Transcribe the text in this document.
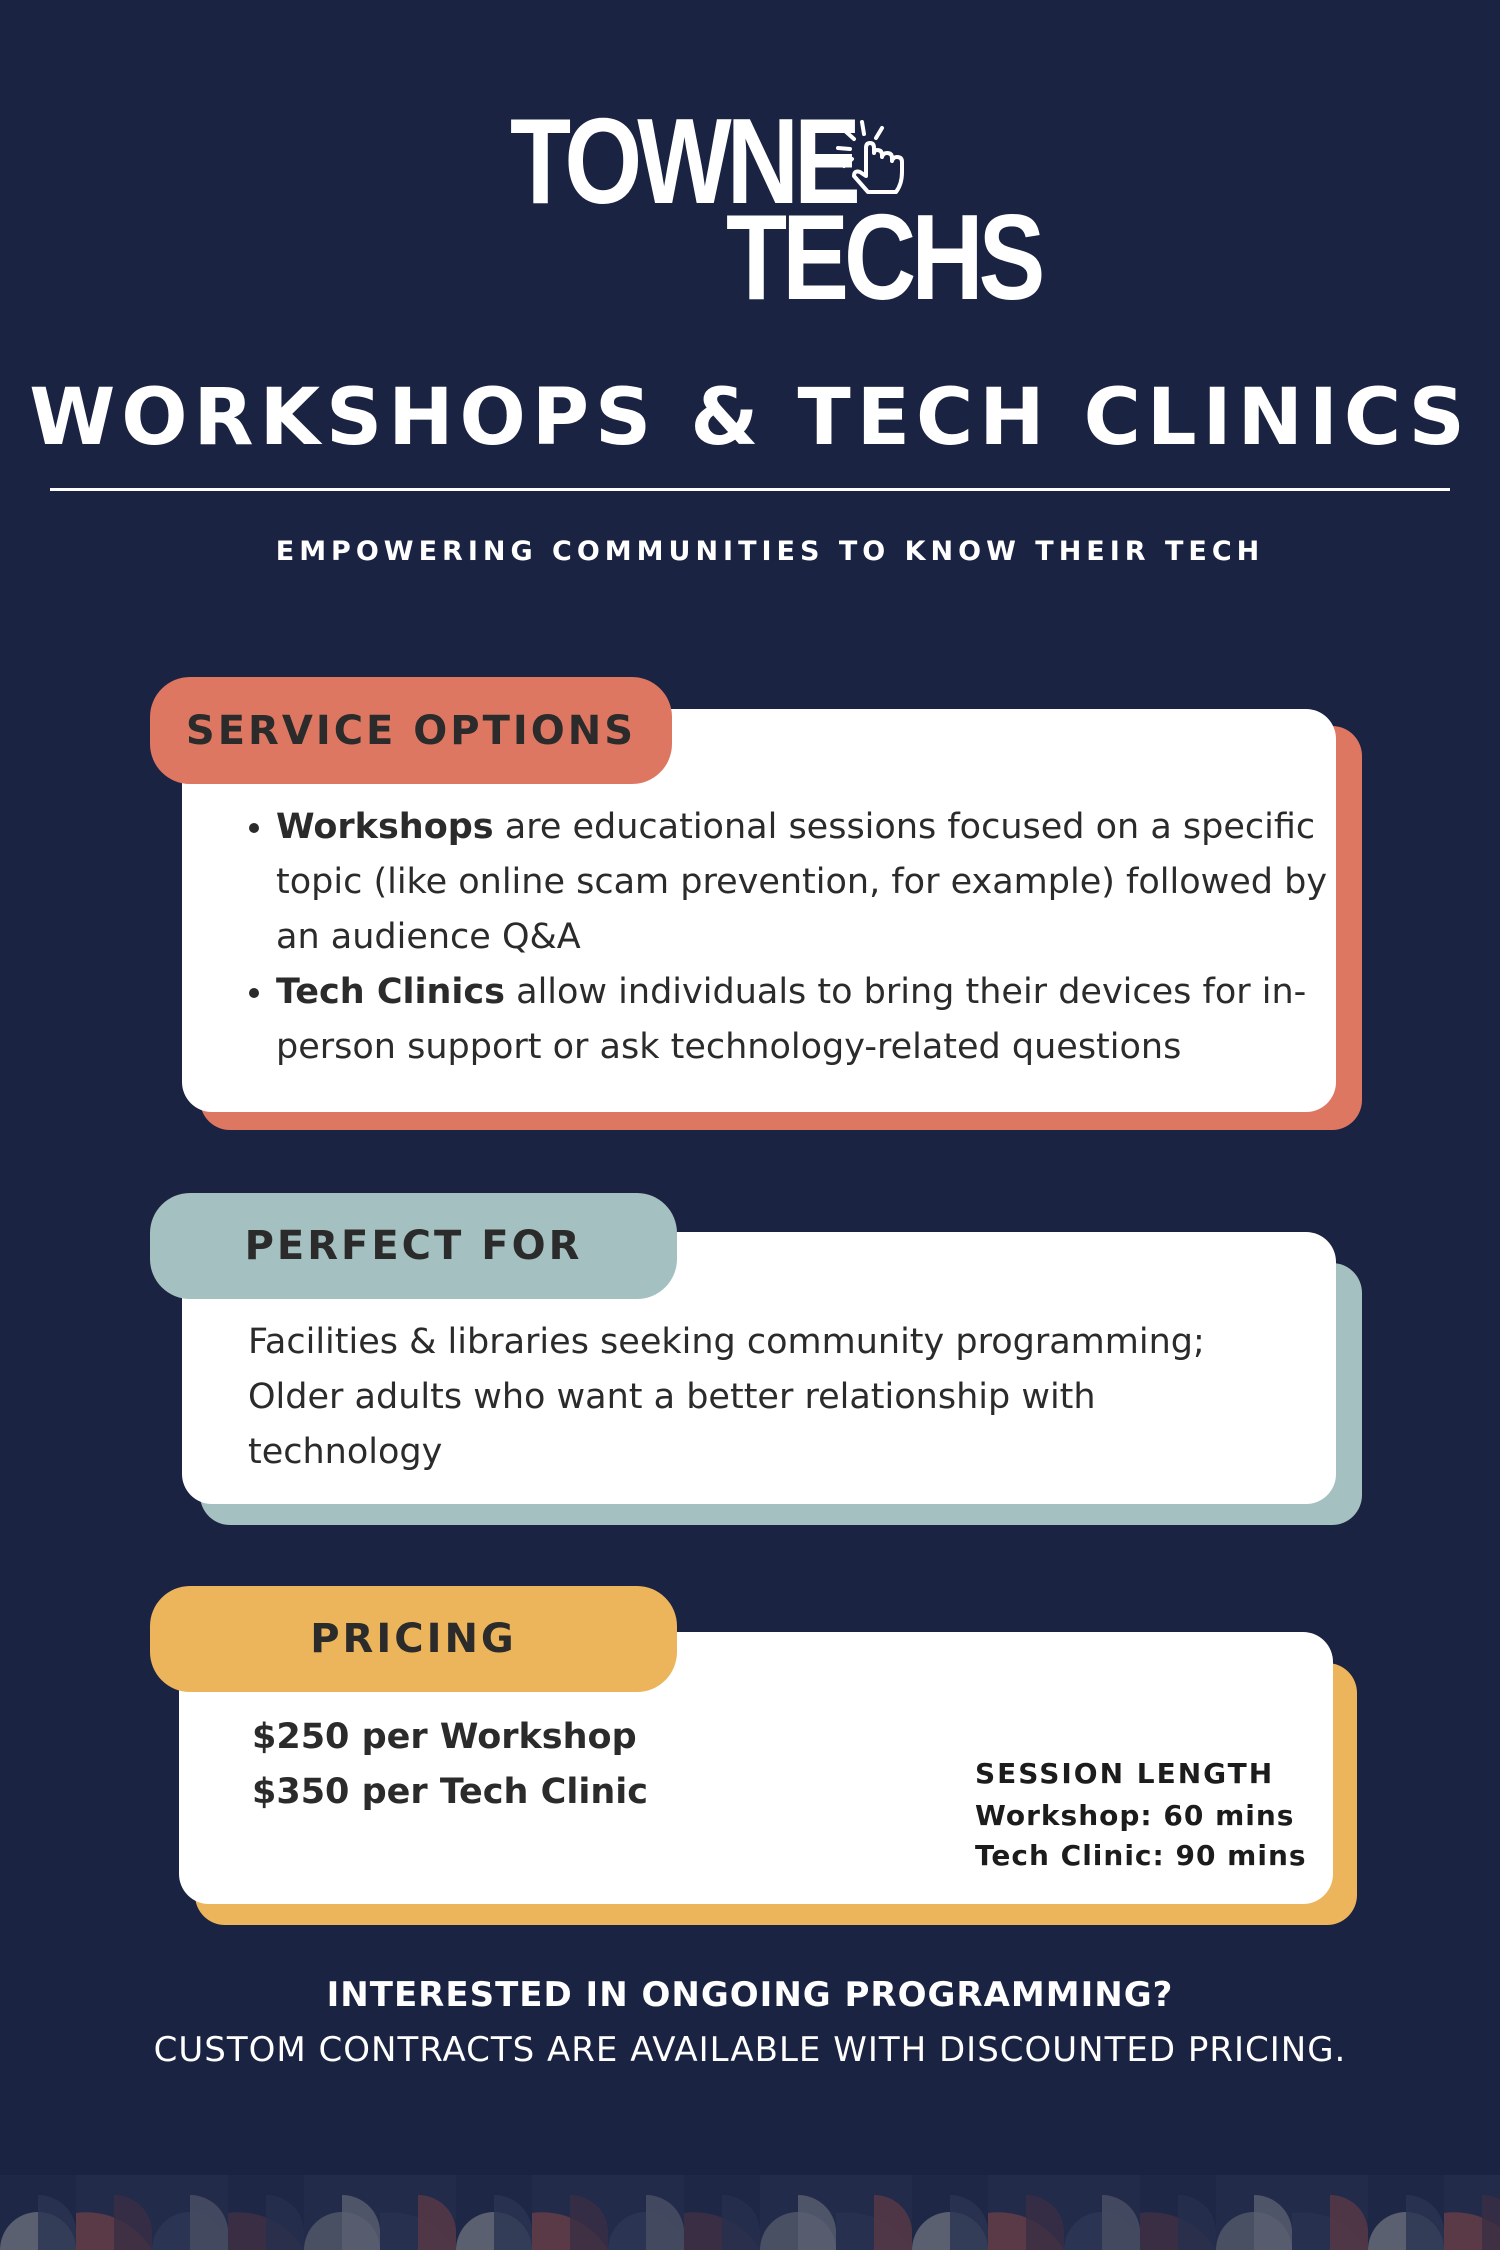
TOWNE
TECHS
WORKSHOPS & TECH CLINICS
EMPOWERING COMMUNITIES TO KNOW THEIR TECH
SERVICE OPTIONS
• Workshops are educational sessions focused on a specific topic (like online scam prevention, for example) followed by an audience Q&A
• Tech Clinics allow individuals to bring their devices for in-person support or ask technology-related questions
PERFECT FOR
Facilities & libraries seeking community programming;
Older adults who want a better relationship with
technology
PRICING
$250 per Workshop
$350 per Tech Clinic	SESSION LENGTH
Workshop: 60 mins
Tech Clinic: 90 mins
INTERESTED IN ONGOING PROGRAMMING?
CUSTOM CONTRACTS ARE AVAILABLE WITH DISCOUNTED PRICING.
